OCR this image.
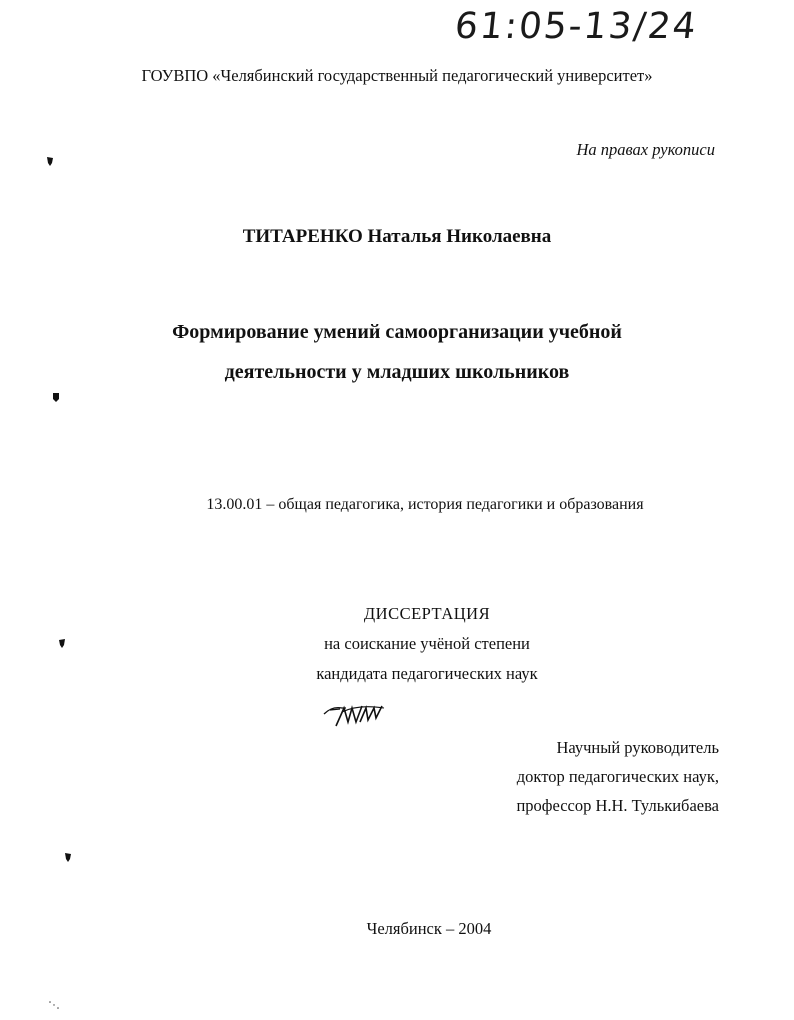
61:05-13/24

ГОУВПО «Челябинский государственный педагогический университет»

На правах рукописи

ТИТАРЕНКО Наталья Николаевна

Формирование умений самоорганизации учебной
деятельности у младших школьников

13.00.01 – общая педагогика, история педагогики и образования

ДИССЕРТАЦИЯ
на соискание учёной степени
кандидата педагогических наук
Научный руководитель
доктор педагогических наук,
профессор Н.Н. Тулькибаева

Челябинск – 2004
